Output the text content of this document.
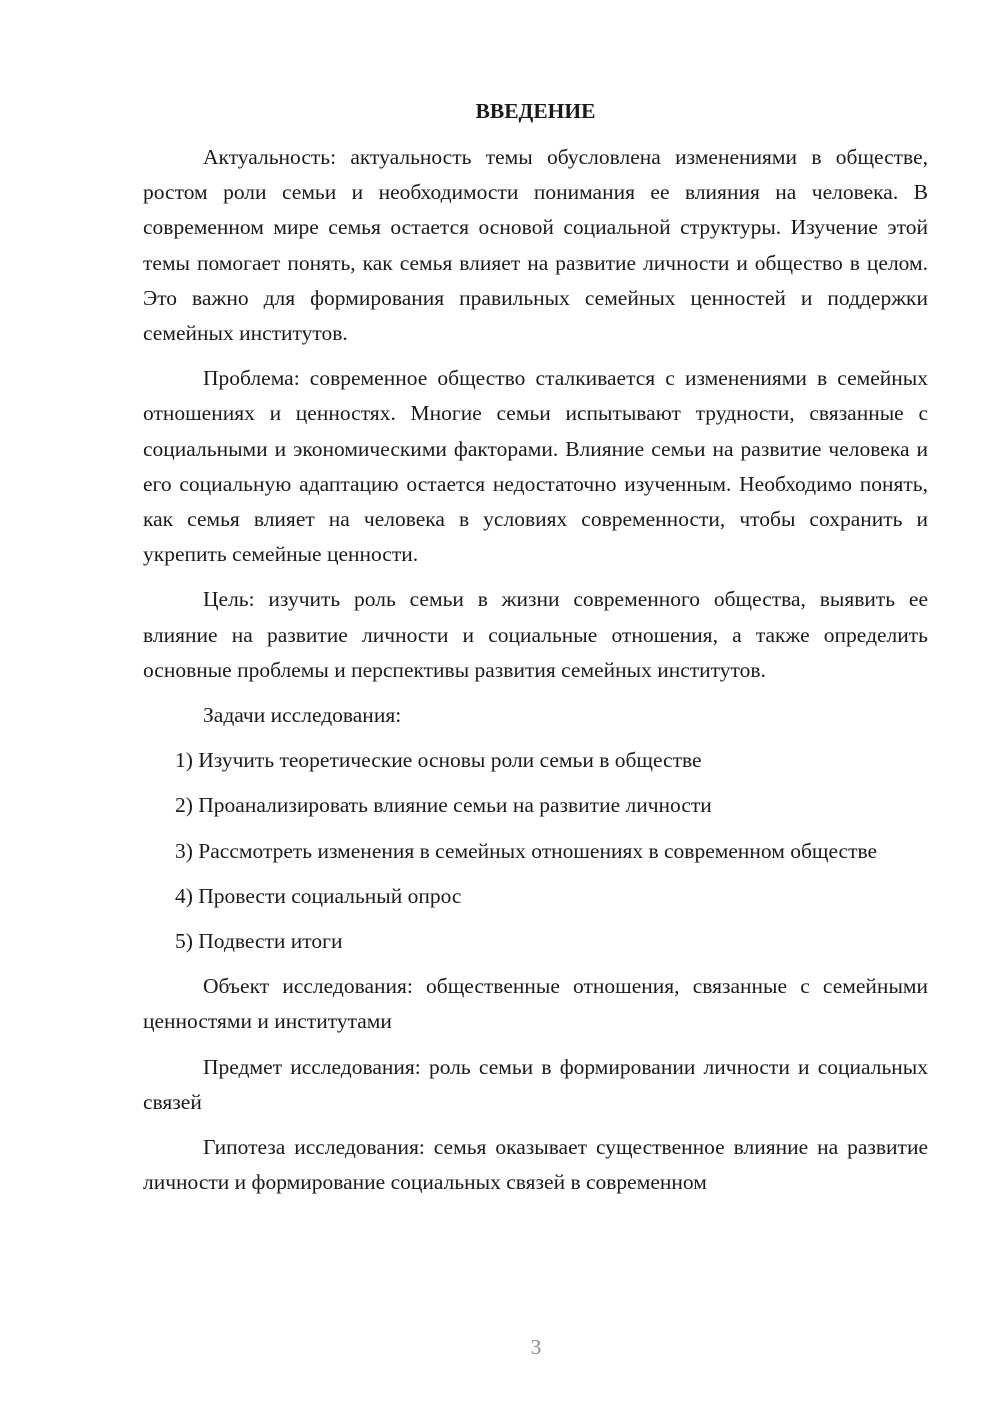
ВВЕДЕНИЕ

Актуальность: актуальность темы обусловлена изменениями в обществе, ростом роли семьи и необходимости понимания ее влияния на человека. В современном мире семья остается основой социальной структуры. Изучение этой темы помогает понять, как семья влияет на развитие личности и общество в целом. Это важно для формирования правильных семейных ценностей и поддержки семейных институтов.

Проблема: современное общество сталкивается с изменениями в семейных отношениях и ценностях. Многие семьи испытывают трудности, связанные с социальными и экономическими факторами. Влияние семьи на развитие человека и его социальную адаптацию остается недостаточно изученным. Необходимо понять, как семья влияет на человека в условиях современности, чтобы сохранить и укрепить семейные ценности.

Цель: изучить роль семьи в жизни современного общества, выявить ее влияние на развитие личности и социальные отношения, а также определить основные проблемы и перспективы развития семейных институтов.

Задачи исследования:

1) Изучить теоретические основы роли семьи в обществе

2) Проанализировать влияние семьи на развитие личности

3) Рассмотреть изменения в семейных отношениях в современном обществе

4) Провести социальный опрос

5) Подвести итоги

Объект исследования: общественные отношения, связанные с семейными ценностями и институтами

Предмет исследования: роль семьи в формировании личности и социальных связей

Гипотеза исследования: семья оказывает существенное влияние на развитие личности и формирование социальных связей в современном

3
